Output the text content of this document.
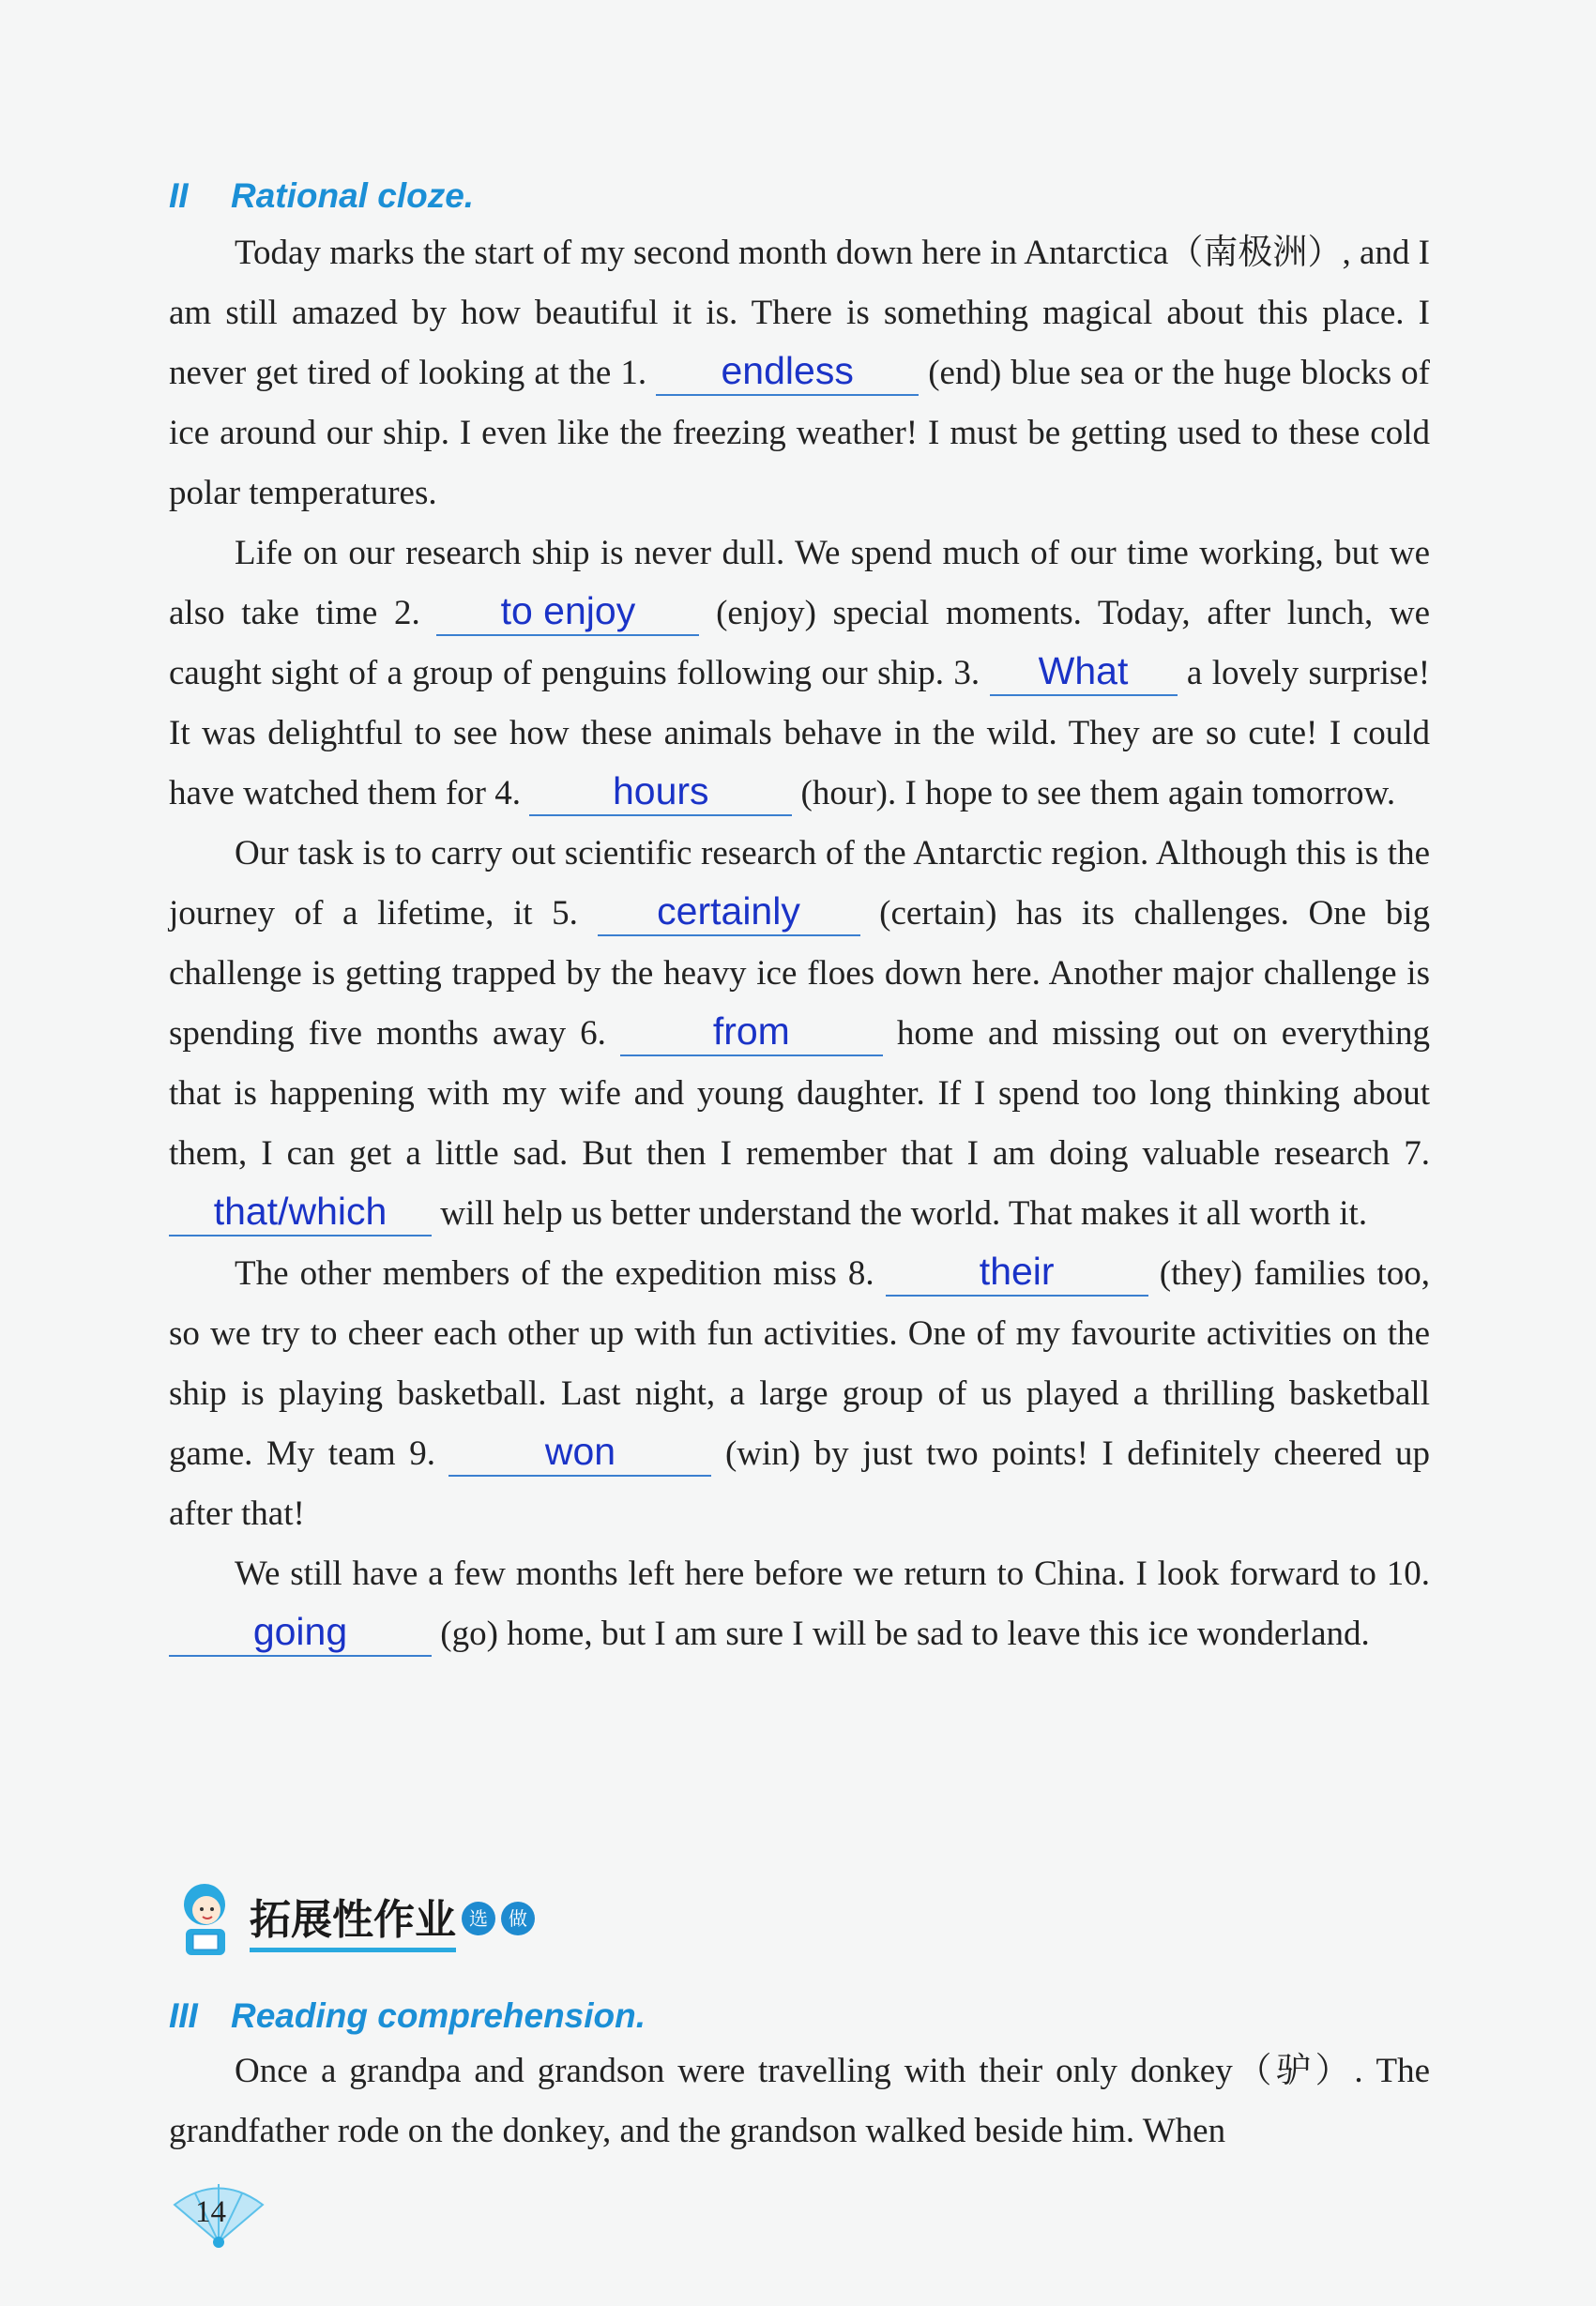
II Rational cloze.

Today marks the start of my second month down here in Antarctica（南极洲）, and I am still amazed by how beautiful it is. There is something magical about this place. I never get tired of looking at the 1. endless (end) blue sea or the huge blocks of ice around our ship. I even like the freezing weather! I must be getting used to these cold polar temperatures.

Life on our research ship is never dull. We spend much of our time working, but we also take time 2. to enjoy (enjoy) special moments. Today, after lunch, we caught sight of a group of penguins following our ship. 3. What a lovely surprise! It was delightful to see how these animals behave in the wild. They are so cute! I could have watched them for 4. hours	(hour). I hope to see them again tomorrow.

Our task is to carry out scientific research of the Antarctic region. Although this is the journey of a lifetime, it 5. certainly (certain) has its challenges. One big challenge is getting trapped by the heavy ice floes down here. Another major challenge is spending five months away 6.	from	home and missing out on everything that is happening with my wife and young daughter. If I spend too long thinking about them, I can get a little sad. But then I remember that I am doing valuable research 7. that/which will help us better understand the world. That makes it all worth it.

The other members of the expedition miss 8.	their	(they) families too, so we try to cheer each other up with fun activities. One of my favourite activities on the ship is playing basketball. Last night, a large group of us played a thrilling basketball game. My team 9.	won	(win) by just two points! I definitely cheered up after that!

We still have a few months left here before we return to China. I look forward to 10. going	(go) home, but I am sure I will be sad to leave this ice wonderland.

拓展性作业 选	做
III Reading comprehension.

Once a grandpa and grandson were travelling with their only donkey（驴）. The grandfather rode on the donkey, and the grandson walked beside him. When

14
